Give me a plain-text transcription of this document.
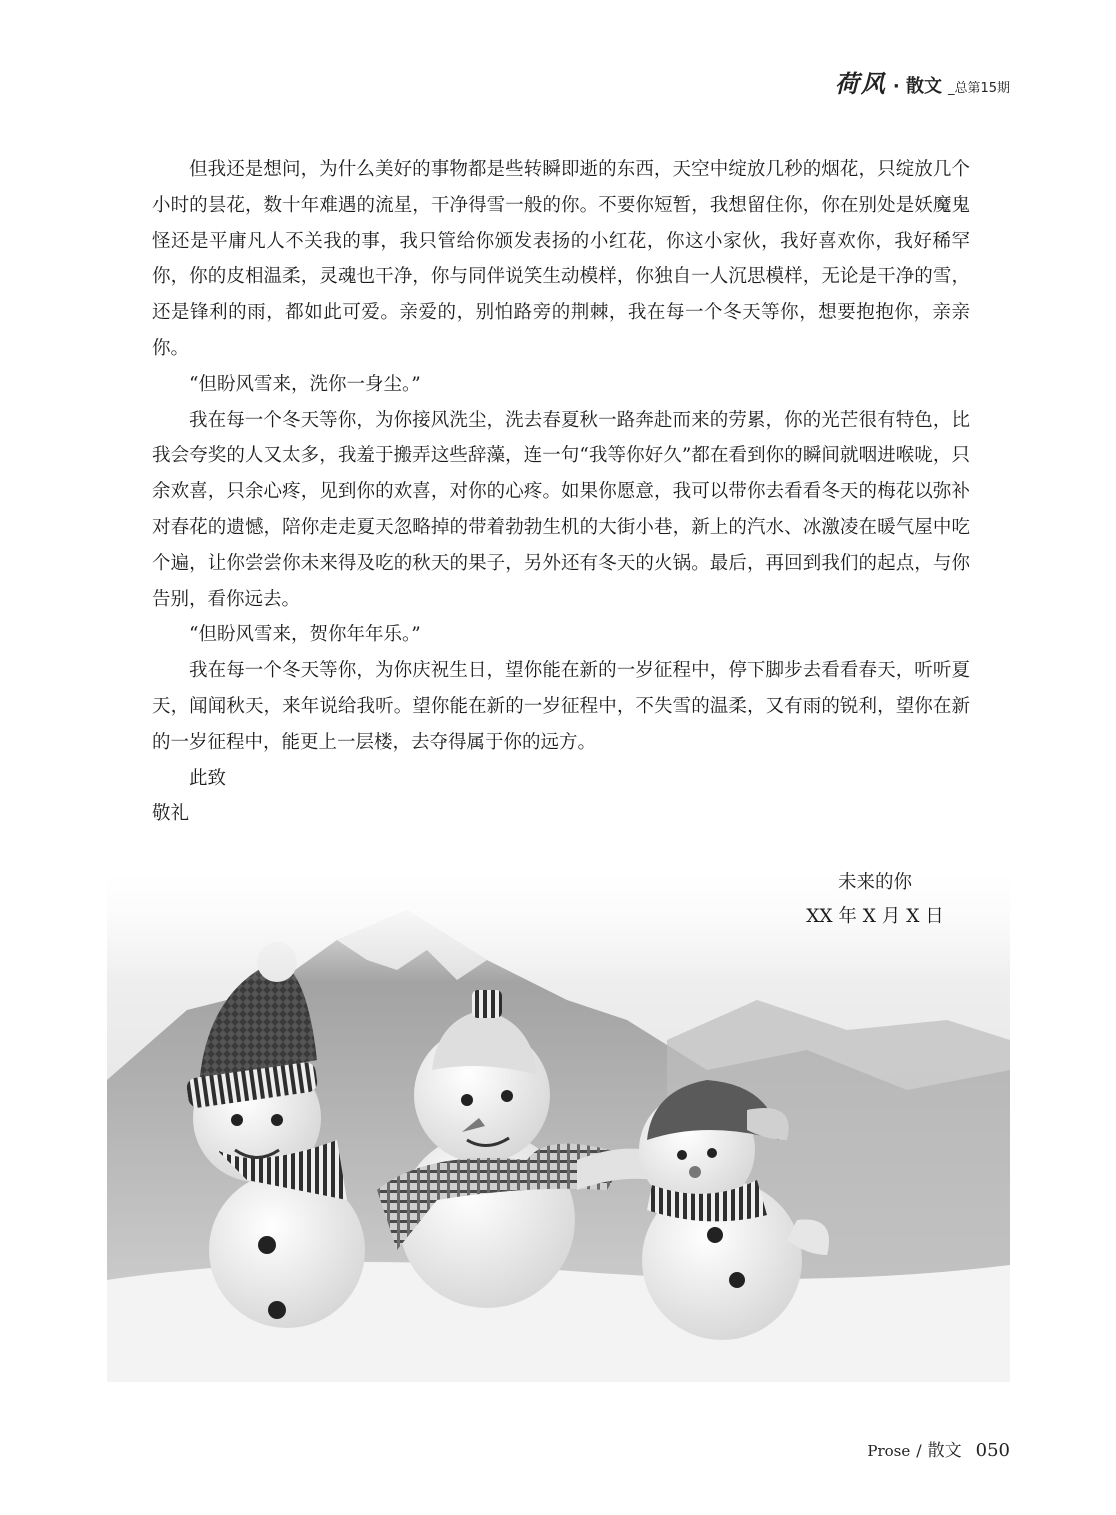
荷风 · 散文 _总第15期

但我还是想问，为什么美好的事物都是些转瞬即逝的东西，天空中绽放几秒的烟花，只绽放几个小时的昙花，数十年难遇的流星，干净得雪一般的你。不要你短暂，我想留住你，你在别处是妖魔鬼怪还是平庸凡人不关我的事，我只管给你颁发表扬的小红花，你这小家伙，我好喜欢你，我好稀罕你，你的皮相温柔，灵魂也干净，你与同伴说笑生动模样，你独自一人沉思模样，无论是干净的雪，还是锋利的雨，都如此可爱。亲爱的，别怕路旁的荆棘，我在每一个冬天等你，想要抱抱你，亲亲你。

“但盼风雪来，洗你一身尘。”

我在每一个冬天等你，为你接风洗尘，洗去春夏秋一路奔赴而来的劳累，你的光芒很有特色，比我会夸奖的人又太多，我羞于搬弄这些辞藻，连一句“我等你好久”都在看到你的瞬间就咽进喉咙，只余欢喜，只余心疼，见到你的欢喜，对你的心疼。如果你愿意，我可以带你去看看冬天的梅花以弥补对春花的遗憾，陪你走走夏天忽略掉的带着勃勃生机的大街小巷，新上的汽水、冰激凌在暖气屋中吃个遍，让你尝尝你未来得及吃的秋天的果子，另外还有冬天的火锅。最后，再回到我们的起点，与你告别，看你远去。

“但盼风雪来，贺你年年乐。”

我在每一个冬天等你，为你庆祝生日，望你能在新的一岁征程中，停下脚步去看看春天，听听夏天，闻闻秋天，来年说给我听。望你能在新的一岁征程中，不失雪的温柔，又有雨的锐利，望你在新的一岁征程中，能更上一层楼，去夺得属于你的远方。

此致

敬礼

未来的你
XX 年 X 月 X 日
Prose / 散文 050
